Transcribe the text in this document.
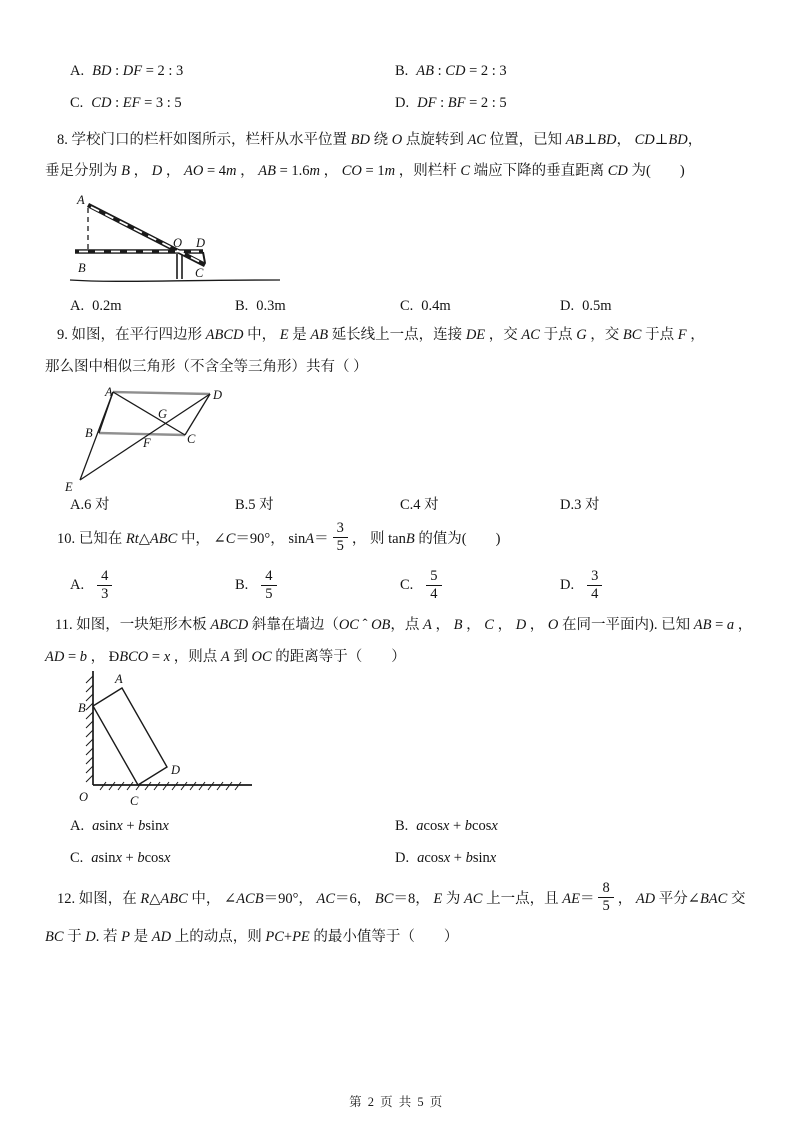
A. BD : DF = 2 : 3	B. AB : CD = 2 : 3
C. CD : EF = 3 : 5	D. DF : BF = 2 : 5
8. 学校门口的栏杆如图所示，栏杆从水平位置 BD 绕 O 点旋转到 AC 位置，已知 AB⊥BD， CD⊥BD，
垂足分别为 B ， D ， AO = 4m ， AB = 1.6m ， CO = 1m ，则栏杆 C 端应下降的垂直距离 CD 为(　　)
A
B
O D
C
A. 0.2m	B. 0.3m	C. 0.4m	D. 0.5m
9. 如图，在平行四边形 ABCD 中， E 是 AB 延长线上一点，连接 DE ，交 AC 于点 G ，交 BC 于点 F ，
那么图中相似三角形（不含全等三角形）共有（ ）
A
B	C
D
E
F
G
A.6 对	B.5 对	C.4 对	D.3 对
10. 已知在 Rt△ABC 中， ∠C＝90°， $\sin A= \frac{3}{5}$ ， 则 tanB 的值为(　　)
A. $\frac{4}{3}$	B. $\frac{4}{5}$	C. $\frac{5}{4}$	D. $\frac{3}{4}$
11. 如图，一块矩形木板 ABCD 斜靠在墙边（OC ˆ OB，点 A ， B ， C ， D ， O 在同一平面内). 已知 AB = a ，
AD = b ， ÐBCO = x ，则点 A 到 OC 的距离等于（　　）
A
B
C
D
O
A. asinx + bsinx	B. acosx + bcosx
C. asinx + bcosx	D. acosx + bsinx
12. 如图，在 R△ABC 中， ∠ACB＝90°， AC＝6， BC＝8， E 为 AC 上一点，且 $AE= \frac{8}{5}$ ， AD 平分∠BAC 交
BC 于 D. 若 P 是 AD 上的动点，则 PC+PE 的最小值等于（　　）
第 2 页 共 5 页
